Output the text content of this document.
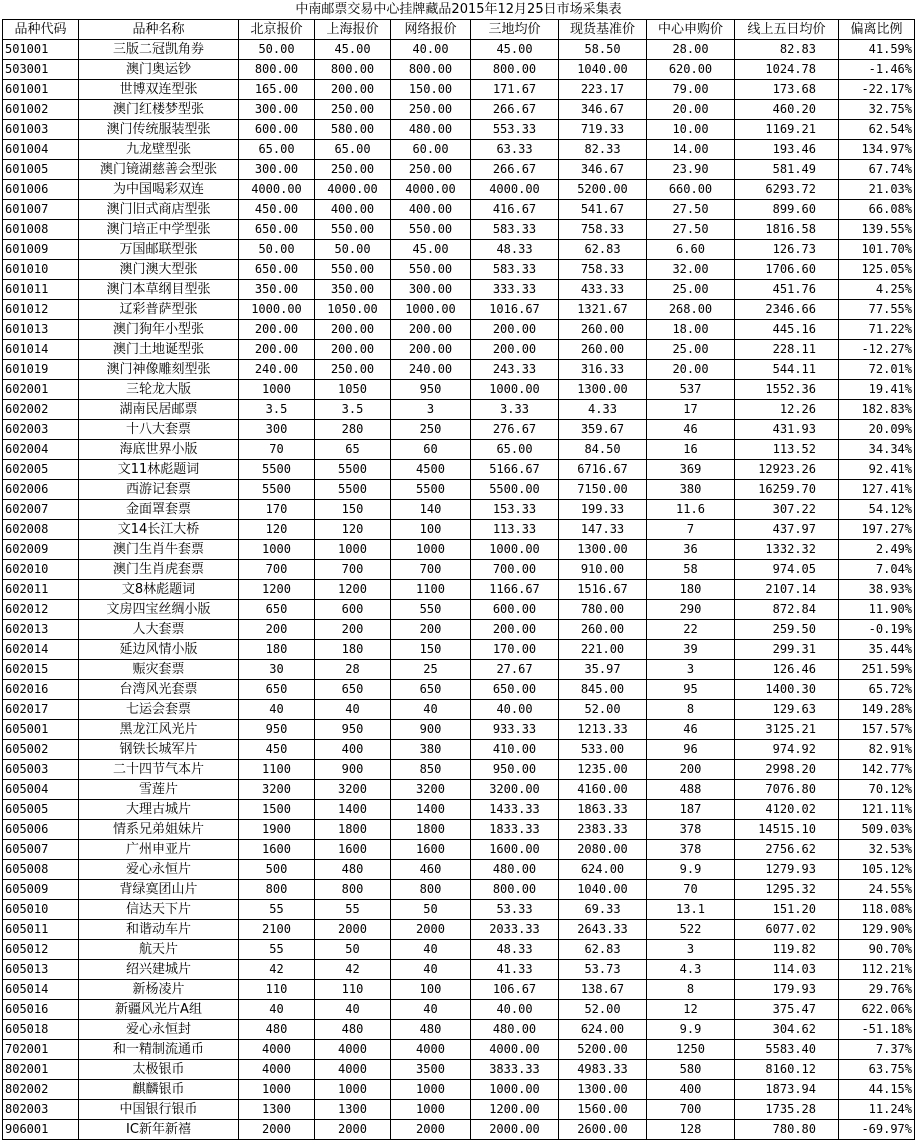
中南邮票交易中心挂牌藏品2015年12月25日市场采集表									
品种代码	品种名称	北京报价	上海报价	网络报价	三地均价	现货基准价	中心申购价	线上五日均价	偏离比例
501001	三版二冠凯角券	50.00	45.00	40.00	45.00	58.50	28.00	82.83	41.59%
503001	澳门奥运钞	800.00	800.00	800.00	800.00	1040.00	620.00	1024.78	-1.46%
601001	世博双连型张	165.00	200.00	150.00	171.67	223.17	79.00	173.68	-22.17%
601002	澳门红楼梦型张	300.00	250.00	250.00	266.67	346.67	20.00	460.20	32.75%
601003	澳门传统服装型张	600.00	580.00	480.00	553.33	719.33	10.00	1169.21	62.54%
601004	九龙壁型张	65.00	65.00	60.00	63.33	82.33	14.00	193.46	134.97%
601005	澳门镜湖慈善会型张	300.00	250.00	250.00	266.67	346.67	23.90	581.49	67.74%
601006	为中国喝彩双连	4000.00	4000.00	4000.00	4000.00	5200.00	660.00	6293.72	21.03%
601007	澳门旧式商店型张	450.00	400.00	400.00	416.67	541.67	27.50	899.60	66.08%
601008	澳门培正中学型张	650.00	550.00	550.00	583.33	758.33	27.50	1816.58	139.55%
601009	万国邮联型张	50.00	50.00	45.00	48.33	62.83	6.60	126.73	101.70%
601010	澳门澳大型张	650.00	550.00	550.00	583.33	758.33	32.00	1706.60	125.05%
601011	澳门本草纲目型张	350.00	350.00	300.00	333.33	433.33	25.00	451.76	4.25%
601012	辽彩普萨型张	1000.00	1050.00	1000.00	1016.67	1321.67	268.00	2346.66	77.55%
601013	澳门狗年小型张	200.00	200.00	200.00	200.00	260.00	18.00	445.16	71.22%
601014	澳门土地诞型张	200.00	200.00	200.00	200.00	260.00	25.00	228.11	-12.27%
601019	澳门神像雕刻型张	240.00	250.00	240.00	243.33	316.33	20.00	544.11	72.01%
602001	三轮龙大版	1000	1050	950	1000.00	1300.00	537	1552.36	19.41%
602002	湖南民居邮票	3.5	3.5	3	3.33	4.33	17	12.26	182.83%
602003	十八大套票	300	280	250	276.67	359.67	46	431.93	20.09%
602004	海底世界小版	70	65	60	65.00	84.50	16	113.52	34.34%
602005	文11林彪题词	5500	5500	4500	5166.67	6716.67	369	12923.26	92.41%
602006	西游记套票	5500	5500	5500	5500.00	7150.00	380	16259.70	127.41%
602007	金面罩套票	170	150	140	153.33	199.33	11.6	307.22	54.12%
602008	文14长江大桥	120	120	100	113.33	147.33	7	437.97	197.27%
602009	澳门生肖牛套票	1000	1000	1000	1000.00	1300.00	36	1332.32	2.49%
602010	澳门生肖虎套票	700	700	700	700.00	910.00	58	974.05	7.04%
602011	文8林彪题词	1200	1200	1100	1166.67	1516.67	180	2107.14	38.93%
602012	文房四宝丝绸小版	650	600	550	600.00	780.00	290	872.84	11.90%
602013	人大套票	200	200	200	200.00	260.00	22	259.50	-0.19%
602014	延边风情小版	180	180	150	170.00	221.00	39	299.31	35.44%
602015	赈灾套票	30	28	25	27.67	35.97	3	126.46	251.59%
602016	台湾风光套票	650	650	650	650.00	845.00	95	1400.30	65.72%
602017	七运会套票	40	40	40	40.00	52.00	8	129.63	149.28%
605001	黑龙江风光片	950	950	900	933.33	1213.33	46	3125.21	157.57%
605002	钢铁长城军片	450	400	380	410.00	533.00	96	974.92	82.91%
605003	二十四节气本片	1100	900	850	950.00	1235.00	200	2998.20	142.77%
605004	雪莲片	3200	3200	3200	3200.00	4160.00	488	7076.80	70.12%
605005	大理古城片	1500	1400	1400	1433.33	1863.33	187	4120.02	121.11%
605006	情系兄弟姐妹片	1900	1800	1800	1833.33	2383.33	378	14515.10	509.03%
605007	广州申亚片	1600	1600	1600	1600.00	2080.00	378	2756.62	32.53%
605008	爱心永恒片	500	480	460	480.00	624.00	9.9	1279.93	105.12%
605009	背绿寞团山片	800	800	800	800.00	1040.00	70	1295.32	24.55%
605010	信达天下片	55	55	50	53.33	69.33	13.1	151.20	118.08%
605011	和谐动车片	2100	2000	2000	2033.33	2643.33	522	6077.02	129.90%
605012	航天片	55	50	40	48.33	62.83	3	119.82	90.70%
605013	绍兴建城片	42	42	40	41.33	53.73	4.3	114.03	112.21%
605014	新杨凌片	110	110	100	106.67	138.67	8	179.93	29.76%
605016	新疆风光片A组	40	40	40	40.00	52.00	12	375.47	622.06%
605018	爱心永恒封	480	480	480	480.00	624.00	9.9	304.62	-51.18%
702001	和一精制流通币	4000	4000	4000	4000.00	5200.00	1250	5583.40	7.37%
802001	太极银币	4000	4000	3500	3833.33	4983.33	580	8160.12	63.75%
802002	麒麟银币	1000	1000	1000	1000.00	1300.00	400	1873.94	44.15%
802003	中国银行银币	1300	1300	1000	1200.00	1560.00	700	1735.28	11.24%
906001	IC新年新禧	2000	2000	2000	2000.00	2600.00	128	780.80	-69.97%
